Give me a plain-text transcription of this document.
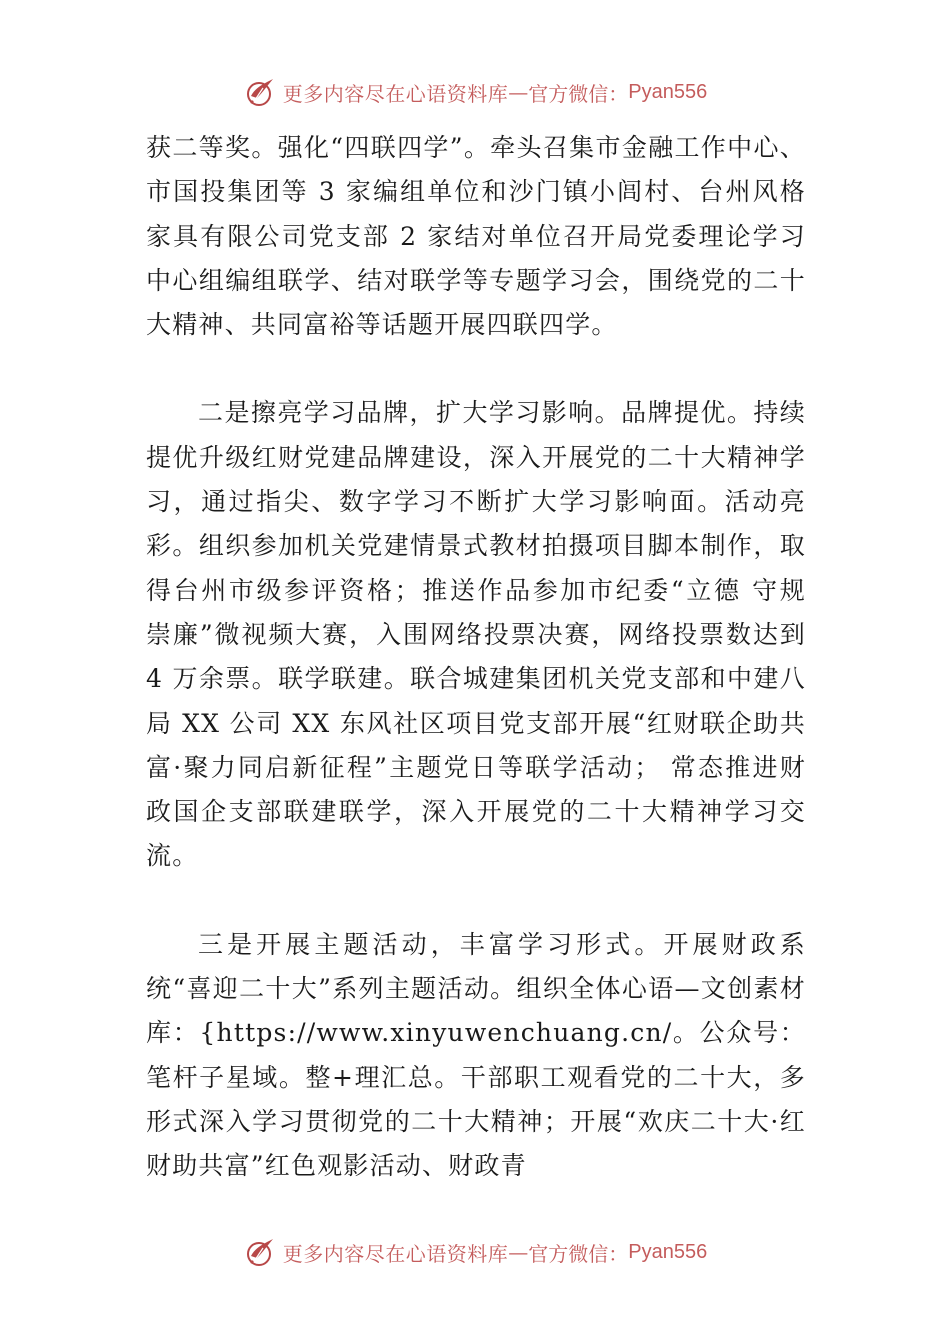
更多内容尽在心语资料库 — 官方微信： Pyan556

获二等奖。强化“四联四学”。牵头召集市金融工作中心、市国投集团等 3 家编组单位和沙门镇小闾村、台州风格家具有限公司党支部 2 家结对单位召开局党委理论学习中心组编组联学、结对联学等专题学习会，围绕党的二十大精神、共同富裕等话题开展四联四学。

二是擦亮学习品牌，扩大学习影响。品牌提优。持续提优升级红财党建品牌建设，深入开展党的二十大精神学习，通过指尖、数字学习不断扩大学习影响面。活动亮彩。组织参加机关党建情景式教材拍摄项目脚本制作，取得台州市级参评资格；推送作品参加市纪委“立德 守规 崇廉”微视频大赛，入围网络投票决赛，网络投票数达到 4 万余票。联学联建。联合城建集团机关党支部和中建八局 XX 公司 XX 东风社区项目党支部开展“红财联企助共富·聚力同启新征程”主题党日等联学活动； 常态推进财政国企支部联建联学，深入开展党的二十大精神学习交流。

三是开展主题活动，丰富学习形式。开展财政系统“喜迎二十大”系列主题活动。组织全体心语—文创素材库：{https://www.xinyuwenchuang.cn/。公众号：笔杆子星域。整+理汇总。干部职工观看党的二十大，多形式深入学习贯彻党的二十大精神；开展“欢庆二十大·红财助共富”红色观影活动、财政青

更多内容尽在心语资料库 — 官方微信： Pyan556
